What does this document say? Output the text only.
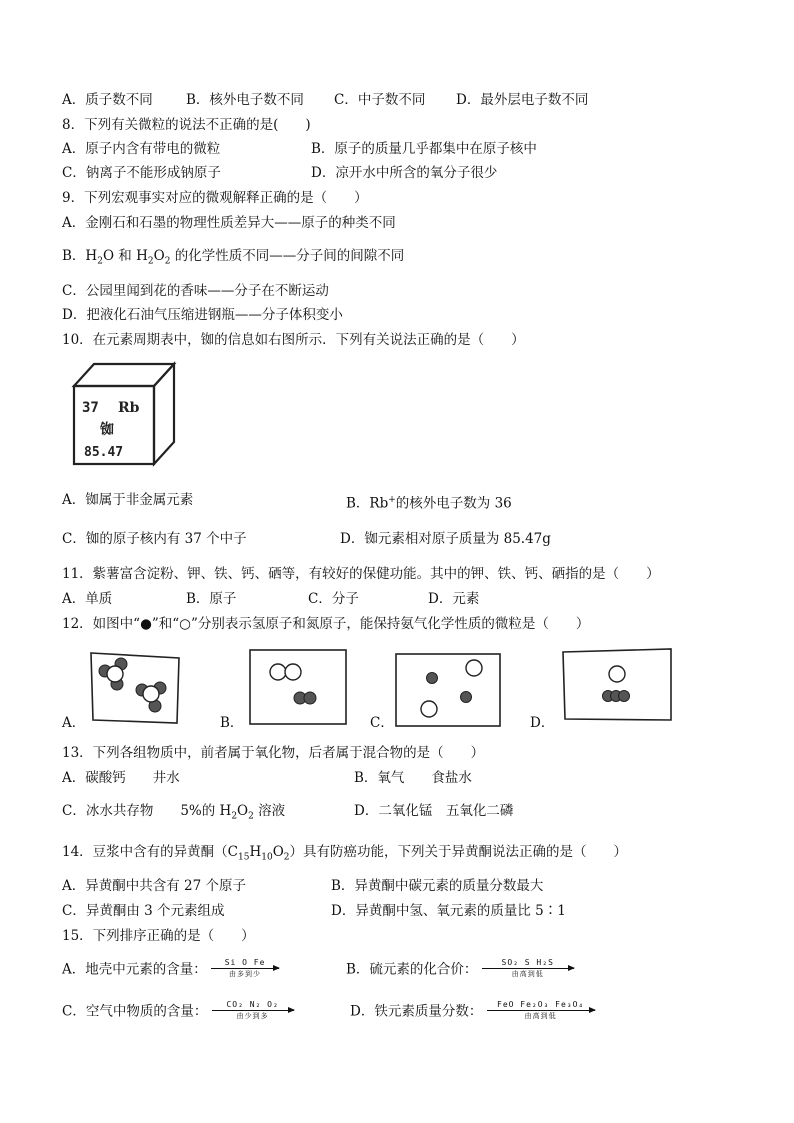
A．质子数不同 B．核外电子数不同 C．中子数不同 D．最外层电子数不同
8．下列有关微粒的说法不正确的是(　　)
A．原子内含有带电的微粒	B．原子的质量几乎都集中在原子核中
C．钠离子不能形成钠原子	D．凉开水中所含的氧分子很少
9．下列宏观事实对应的微观解释正确的是（　　）
A．金刚石和石墨的物理性质差异大——原子的种类不同
B．$H_2O$ 和 $H_2O_2$ 的化学性质不同——分子间的间隙不同
C．公园里闻到花的香味——分子在不断运动
D．把液化石油气压缩进钢瓶——分子体积变小
10．在元素周期表中，铷的信息如右图所示．下列有关说法正确的是（　　）
37 Rb
铷
85.47
A．铷属于非金属元素	B．Rb+的核外电子数为 36
C．铷的原子核内有 37 个中子	D．铷元素相对原子质量为 85.47g
11．紫薯富含淀粉、钾、铁、钙、硒等，有较好的保健功能。其中的钾、铁、钙、硒指的是（　　）
A．单质	B．原子	C．分子	D．元素
12．如图中“●”和“○”分别表示氢原子和氮原子，能保持氨气化学性质的微粒是（　　）
A．	B．	C．	D．
13．下列各组物质中，前者属于氧化物，后者属于混合物的是（　　）
A．碳酸钙　　井水	B．氧气　　食盐水
C．冰水共存物　　5%的 $H_2O_2$ 溶液	D．二氧化锰　五氧化二磷
14．豆浆中含有的异黄酮$(C_{15}H_{10}O_2)$具有防癌功能，下列关于异黄酮说法正确的是（　　）
A．异黄酮中共含有 27 个原子	B．异黄酮中碳元素的质量分数最大
C．异黄酮由 3 个元素组成	D．异黄酮中氢、氧元素的质量比 5∶1
15．下列排序正确的是（　　）
A．地壳中元素的含量：	Si O Fe
由多到少	B．硫元素的化合价：	SO₂ S H₂S
由高到低
C．空气中物质的含量：	CO₂ N₂ O₂
由少到多	D．铁元素质量分数：	FeO Fe₂O₃ Fe₃O₄
由高到低
